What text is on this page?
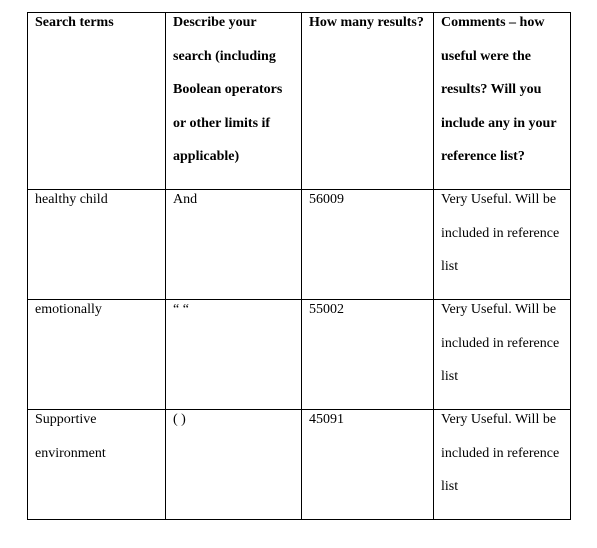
Search terms	Describe your search (including Boolean operators or other limits if applicable)	How many results?	Comments – how useful were the results? Will you include any in your reference list?

healthy child	And	56009	Very Useful. Will be included in reference list

emotionally	“ “	55002	Very Useful. Will be included in reference list

Supportive environment	( )	45091	Very Useful. Will be included in reference list
